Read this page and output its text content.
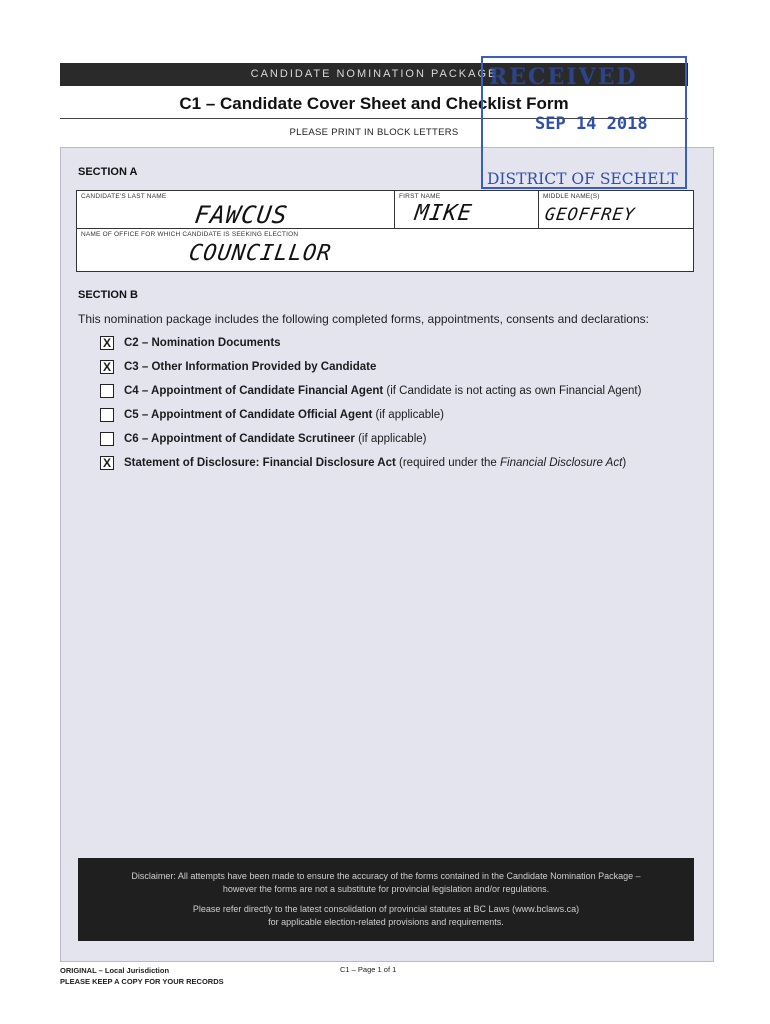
CANDIDATE NOMINATION PACKAGE
C1 – Candidate Cover Sheet and Checklist Form
PLEASE PRINT IN BLOCK LETTERS
SECTION A
CANDIDATE'S LAST NAME
FAWCUS
FIRST NAME
MIKE
MIDDLE NAME(S)
GEOFFREY
NAME OF OFFICE FOR WHICH CANDIDATE IS SEEKING ELECTION
COUNCILLOR
SECTION B
This nomination package includes the following completed forms, appointments, consents and declarations:
X C2 – Nomination Documents
X C3 – Other Information Provided by Candidate
C4 – Appointment of Candidate Financial Agent (if Candidate is not acting as own Financial Agent)
C5 – Appointment of Candidate Official Agent (if applicable)
C6 – Appointment of Candidate Scrutineer (if applicable)
X Statement of Disclosure: Financial Disclosure Act (required under the Financial Disclosure Act)

Disclaimer: All attempts have been made to ensure the accuracy of the forms contained in the Candidate Nomination Package –
however the forms are not a substitute for provincial legislation and/or regulations.

Please refer directly to the latest consolidation of provincial statutes at BC Laws (www.bclaws.ca)
for applicable election-related provisions and requirements.

RECEIVED
SEP 14 2018
DISTRICT OF SECHELT
ORIGINAL – Local Jurisdiction
PLEASE KEEP A COPY FOR YOUR RECORDS
C1 – Page 1 of 1
